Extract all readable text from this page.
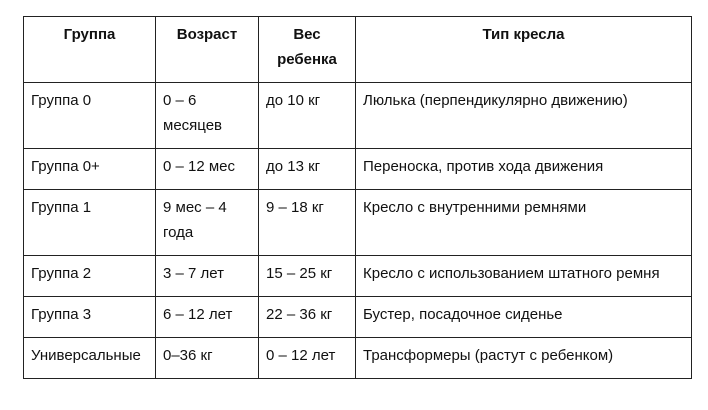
Группа	Возраст	Вес ребенка	Тип кресла
Группа 0	0 – 6 месяцев	до 10 кг	Люлька (перпендикулярно движению)
Группа 0+	0 – 12 мес	до 13 кг	Переноска, против хода движения
Группа 1	9 мес – 4 года	9 – 18 кг	Кресло с внутренними ремнями
Группа 2	3 – 7 лет	15 – 25 кг	Кресло с использованием штатного ремня
Группа 3	6 – 12 лет	22 – 36 кг	Бустер, посадочное сиденье
Универсальные	0–36 кг	0 – 12 лет	Трансформеры (растут с ребенком)
